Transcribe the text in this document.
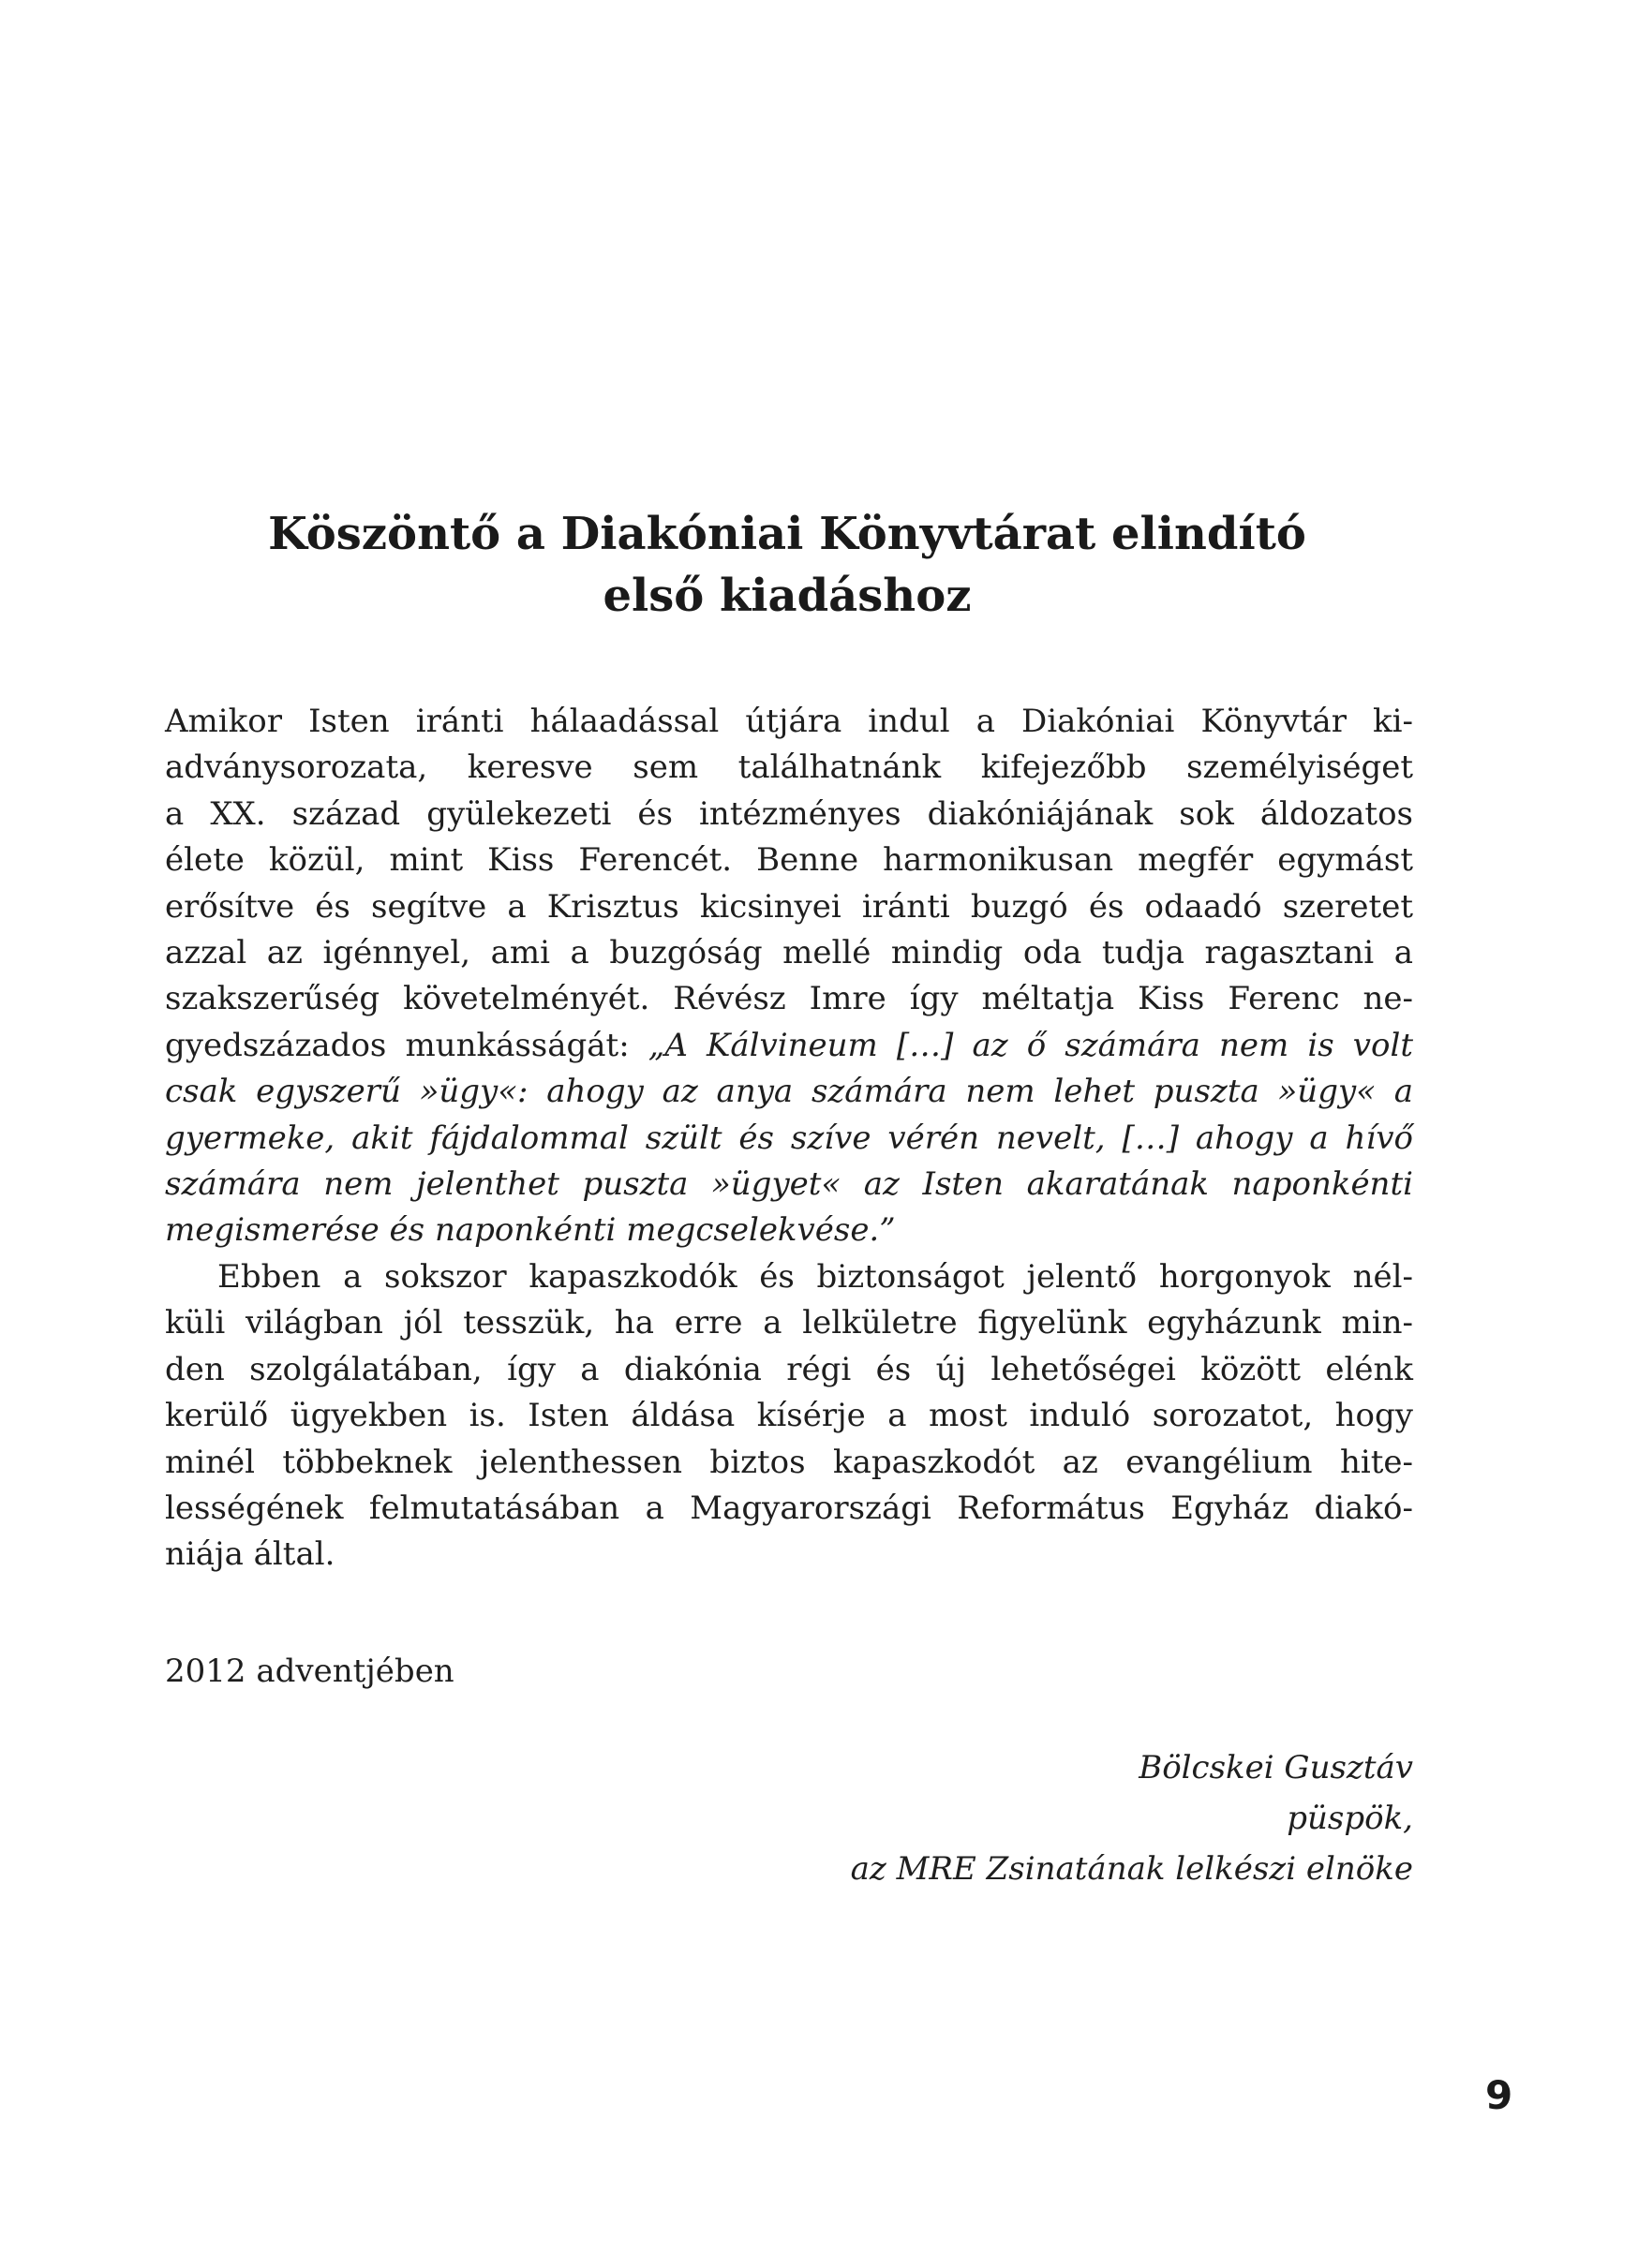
Köszöntő a Diakóniai Könyvtárat elindító
első kiadáshoz
Amikor Isten iránti hálaadással útjára indul a Diakóniai Könyvtár ki-
adványsorozata, keresve sem találhatnánk kifejezőbb személyiséget
a XX. század gyülekezeti és intézményes diakóniájának sok áldozatos
élete közül, mint Kiss Ferencét. Benne harmonikusan megfér egymást
erősítve és segítve a Krisztus kicsinyei iránti buzgó és odaadó szeretet
azzal az igénnyel, ami a buzgóság mellé mindig oda tudja ragasztani a
szakszerűség követelményét. Révész Imre így méltatja Kiss Ferenc ne-
gyedszázados munkásságát: „A Kálvineum […] az ő számára nem is volt
csak egyszerű »ügy«: ahogy az anya számára nem lehet puszta »ügy« a
gyermeke, akit fájdalommal szült és szíve vérén nevelt, […] ahogy a hívő
számára nem jelenthet puszta »ügyet« az Isten akaratának naponkénti
megismerése és naponkénti megcselekvése.”
Ebben a sokszor kapaszkodók és biztonságot jelentő horgonyok nél-
küli világban jól tesszük, ha erre a lelkületre figyelünk egyházunk min-
den szolgálatában, így a diakónia régi és új lehetőségei között elénk
kerülő ügyekben is. Isten áldása kísérje a most induló sorozatot, hogy
minél többeknek jelenthessen biztos kapaszkodót az evangélium hite-
lességének felmutatásában a Magyarországi Református Egyház diakó-
niája által.
2012 adventjében
Bölcskei Gusztáv
püspök,
az MRE Zsinatának lelkészi elnöke
9
